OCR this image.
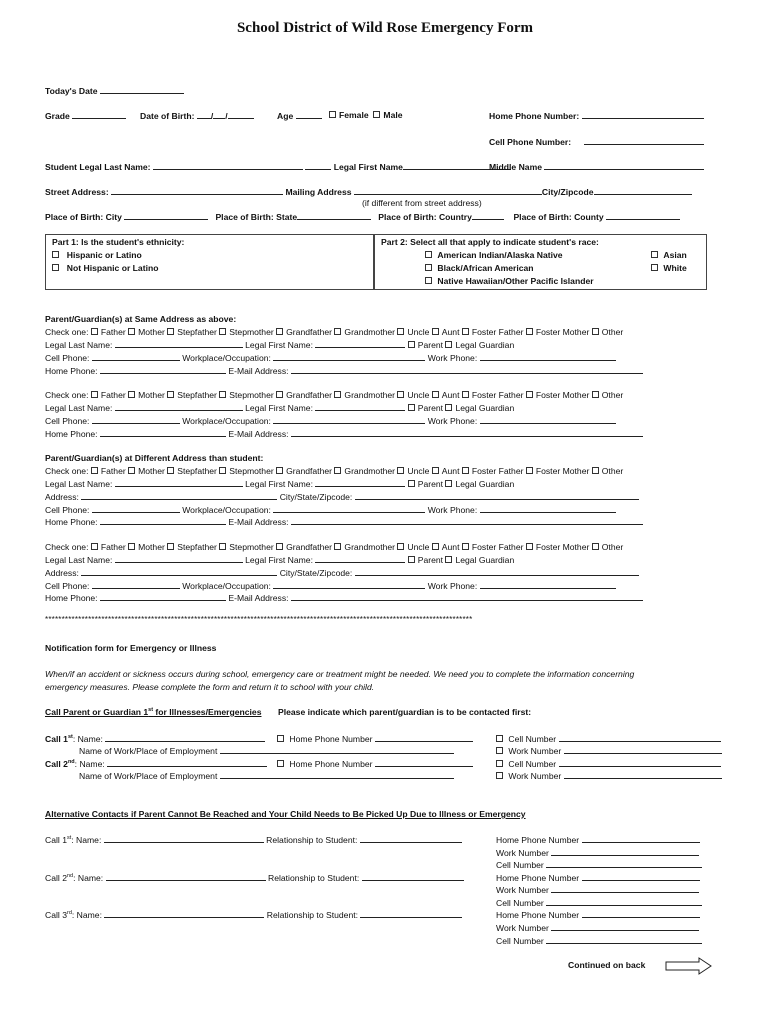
School District of Wild Rose Emergency Form
Today's Date
Grade	Date of Birth: / /	Age	Female Male	Home Phone Number:
Cell Phone Number:
Student Legal Last Name:	Legal First Name	Middle Name
Street Address:	Mailing Address	City/Zipcode
(if different from street address)
Place of Birth: City	Place of Birth: State	Place of Birth: Country	Place of Birth: County
Part 1: Is the student's ethnicity:
Hispanic or Latino
Not Hispanic or Latino
Part 2: Select all that apply to indicate student's race:
American Indian/Alaska Native
Black/African American
Native Hawaiian/Other Pacific Islander
Asian
White
Parent/Guardian(s) at Same Address as above:
Check one: Father Mother Stepfather Stepmother Grandfather Grandmother Uncle Aunt Foster Father Foster Mother Other
Legal Last Name:	Legal First Name:	Parent Legal Guardian
Cell Phone:	Workplace/Occupation:	Work Phone:
Home Phone:	E-Mail Address:
Check one: Father Mother Stepfather Stepmother Grandfather Grandmother Uncle Aunt Foster Father Foster Mother Other
Legal Last Name:	Legal First Name:	Parent Legal Guardian
Cell Phone:	Workplace/Occupation:	Work Phone:
Home Phone:	E-Mail Address:
Parent/Guardian(s) at Different Address than student:
Check one: Father Mother Stepfather Stepmother Grandfather Grandmother Uncle Aunt Foster Father Foster Mother Other
Legal Last Name:	Legal First Name:	Parent Legal Guardian
Address:	City/State/Zipcode:
Cell Phone:	Workplace/Occupation:	Work Phone:
Home Phone:	E-Mail Address:
Check one: Father Mother Stepfather Stepmother Grandfather Grandmother Uncle Aunt Foster Father Foster Mother Other
Legal Last Name:	Legal First Name:	Parent Legal Guardian
Address:	City/State/Zipcode:
Cell Phone:	Workplace/Occupation:	Work Phone:
Home Phone:	E-Mail Address:
*********************************************************************************************************************************
Notification form for Emergency or Illness
When/if an accident or sickness occurs during school, emergency care or treatment might be needed. We need you to complete the information concerning
emergency measures. Please complete the form and return it to school with your child.
Call Parent or Guardian 1st for Illnesses/Emergencies Please indicate which parent/guardian is to be contacted first:
Call 1st: Name:	Home Phone Number	Cell Number
Name of Work/Place of Employment	Work Number
Call 2nd: Name:	Home Phone Number	Cell Number
Name of Work/Place of Employment	Work Number
Alternative Contacts if Parent Cannot Be Reached and Your Child Needs to Be Picked Up Due to Illness or Emergency
Call 1st: Name:	Relationship to Student:	Home Phone Number
Work Number
Cell Number
Call 2nd: Name:	Relationship to Student:	Home Phone Number
Work Number
Cell Number
Call 3rd: Name:	Relationship to Student:	Home Phone Number
Work Number
Cell Number
Continued on back
